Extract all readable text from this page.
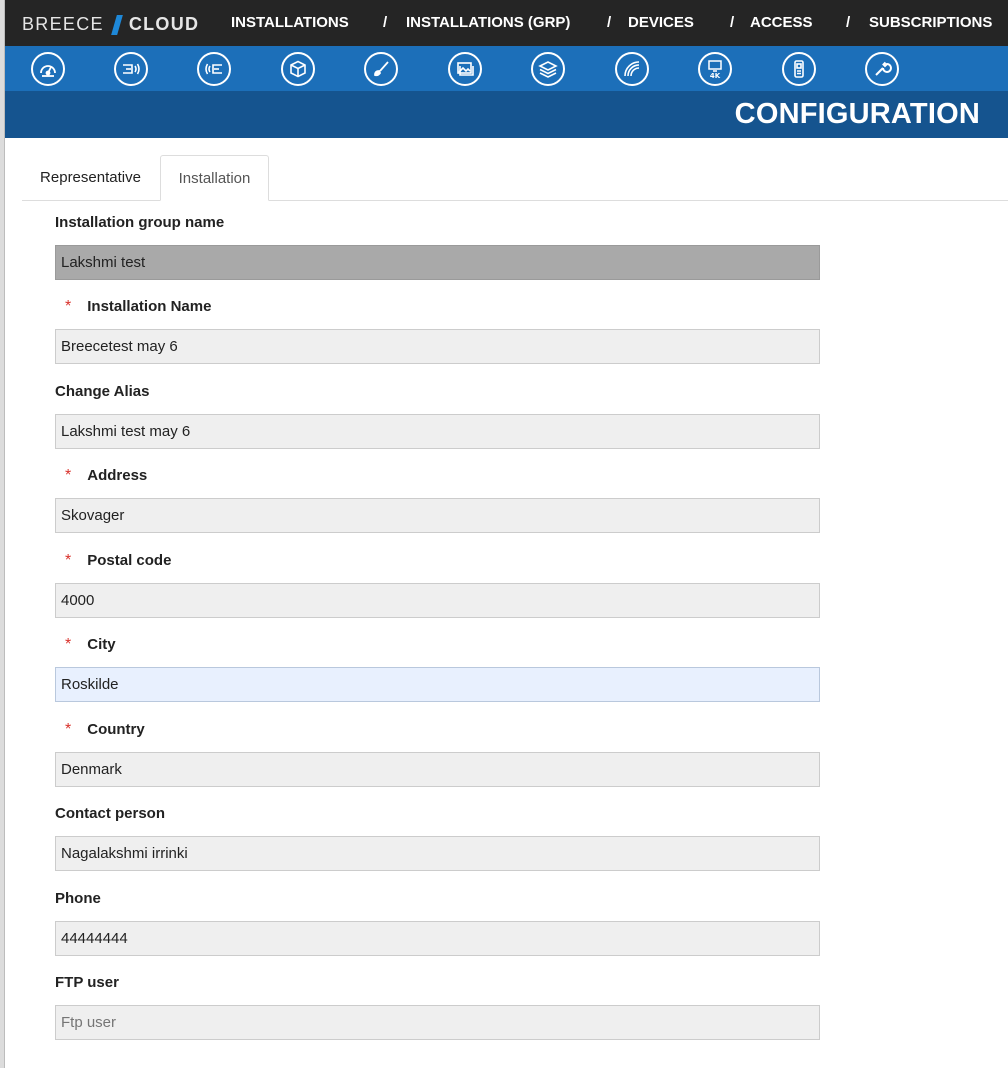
BREECE CLOUD INSTALLATIONS / INSTALLATIONS (GRP) / DEVICES / ACCESS / SUBSCRIPTIONS
4K
CONFIGURATION
Representative	Installation
Installation group name
Lakshmi test
* Installation Name
Breecetest may 6
Change Alias
Lakshmi test may 6
* Address
Skovager
* Postal code
4000
* City
Roskilde
* Country
Denmark
Contact person
Nagalakshmi irrinki
Phone
44444444
FTP user
Ftp user
